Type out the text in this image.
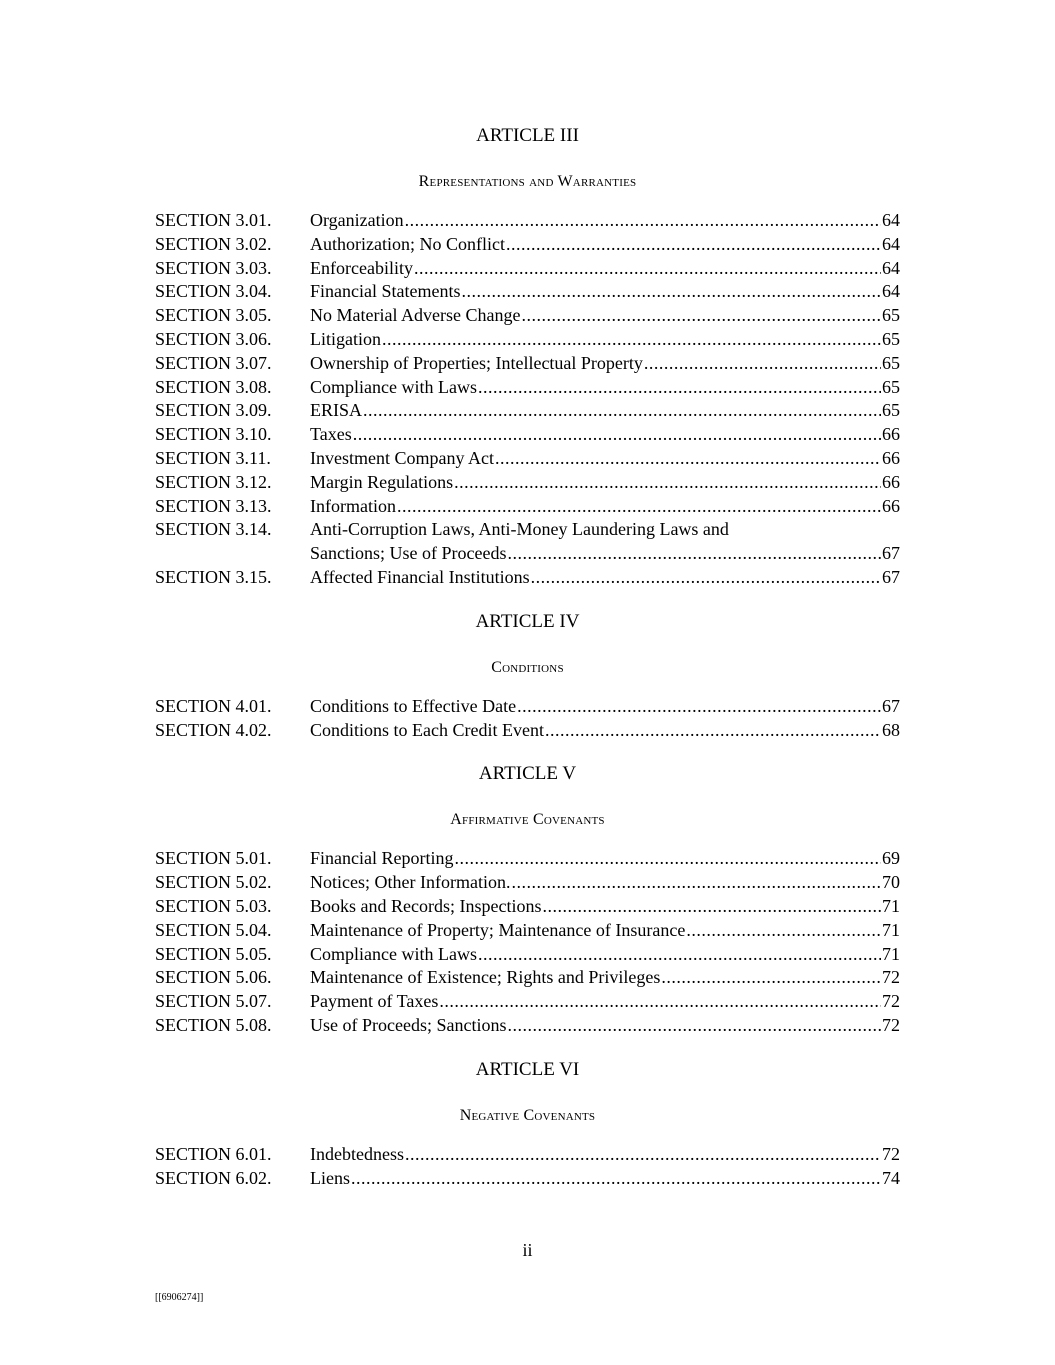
ARTICLE III

Representations and Warranties

SECTION 3.01.	Organization .....	64
SECTION 3.02.	Authorization; No Conflict .....	64
SECTION 3.03.	Enforceability .....	64
SECTION 3.04.	Financial Statements .....	64
SECTION 3.05.	No Material Adverse Change .....	65
SECTION 3.06.	Litigation .....	65
SECTION 3.07.	Ownership of Properties; Intellectual Property .....	65
SECTION 3.08.	Compliance with Laws .....	65
SECTION 3.09.	ERISA .....	65
SECTION 3.10.	Taxes .....	66
SECTION 3.11.	Investment Company Act .....	66
SECTION 3.12.	Margin Regulations .....	66
SECTION 3.13.	Information .....	66
SECTION 3.14.	Anti-Corruption Laws, Anti-Money Laundering Laws and
Sanctions; Use of Proceeds .....	67
SECTION 3.15.	Affected Financial Institutions .....	67

ARTICLE IV

Conditions

SECTION 4.01.	Conditions to Effective Date .....	67
SECTION 4.02.	Conditions to Each Credit Event .....	68

ARTICLE V

Affirmative Covenants

SECTION 5.01.	Financial Reporting .....	69
SECTION 5.02.	Notices; Other Information. .....	70
SECTION 5.03.	Books and Records; Inspections .....	71
SECTION 5.04.	Maintenance of Property; Maintenance of Insurance .....	71
SECTION 5.05.	Compliance with Laws .....	71
SECTION 5.06.	Maintenance of Existence; Rights and Privileges .....	72
SECTION 5.07.	Payment of Taxes .....	72
SECTION 5.08.	Use of Proceeds; Sanctions .....	72

ARTICLE VI

Negative Covenants

SECTION 6.01.	Indebtedness .....	72
SECTION 6.02.	Liens .....	74
ii
[[6906274]]
